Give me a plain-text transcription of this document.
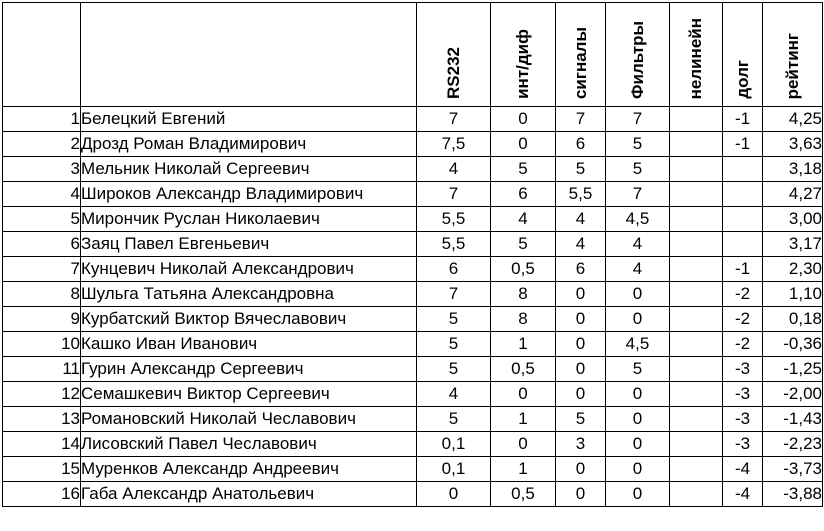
		RS232	инт/диф	сигналы	Фильтры	нелинейн	долг	рейтинг
1	Белецкий Евгений	7	0	7	7		-1	4,25
2	Дрозд Роман Владимирович	7,5	0	6	5		-1	3,63
3	Мельник Николай Сергеевич	4	5	5	5			3,18
4	Широков Александр Владимирович	7	6	5,5	7			4,27
5	Мирончик Руслан Николаевич	5,5	4	4	4,5			3,00
6	Заяц Павел Евгеньевич	5,5	5	4	4			3,17
7	Кунцевич Николай Александрович	6	0,5	6	4		-1	2,30
8	Шульга Татьяна Александровна	7	8	0	0		-2	1,10
9	Курбатский Виктор Вячеславович	5	8	0	0		-2	0,18
10	Кашко Иван Иванович	5	1	0	4,5		-2	-0,36
11	Гурин Александр Сергеевич	5	0,5	0	5		-3	-1,25
12	Семашкевич Виктор Сергеевич	4	0	0	0		-3	-2,00
13	Романовский Николай Чеславович	5	1	5	0		-3	-1,43
14	Лисовский Павел Чеславович	0,1	0	3	0		-3	-2,23
15	Муренков Александр Андреевич	0,1	1	0	0		-4	-3,73
16	Габа Александр Анатольевич	0	0,5	0	0		-4	-3,88
